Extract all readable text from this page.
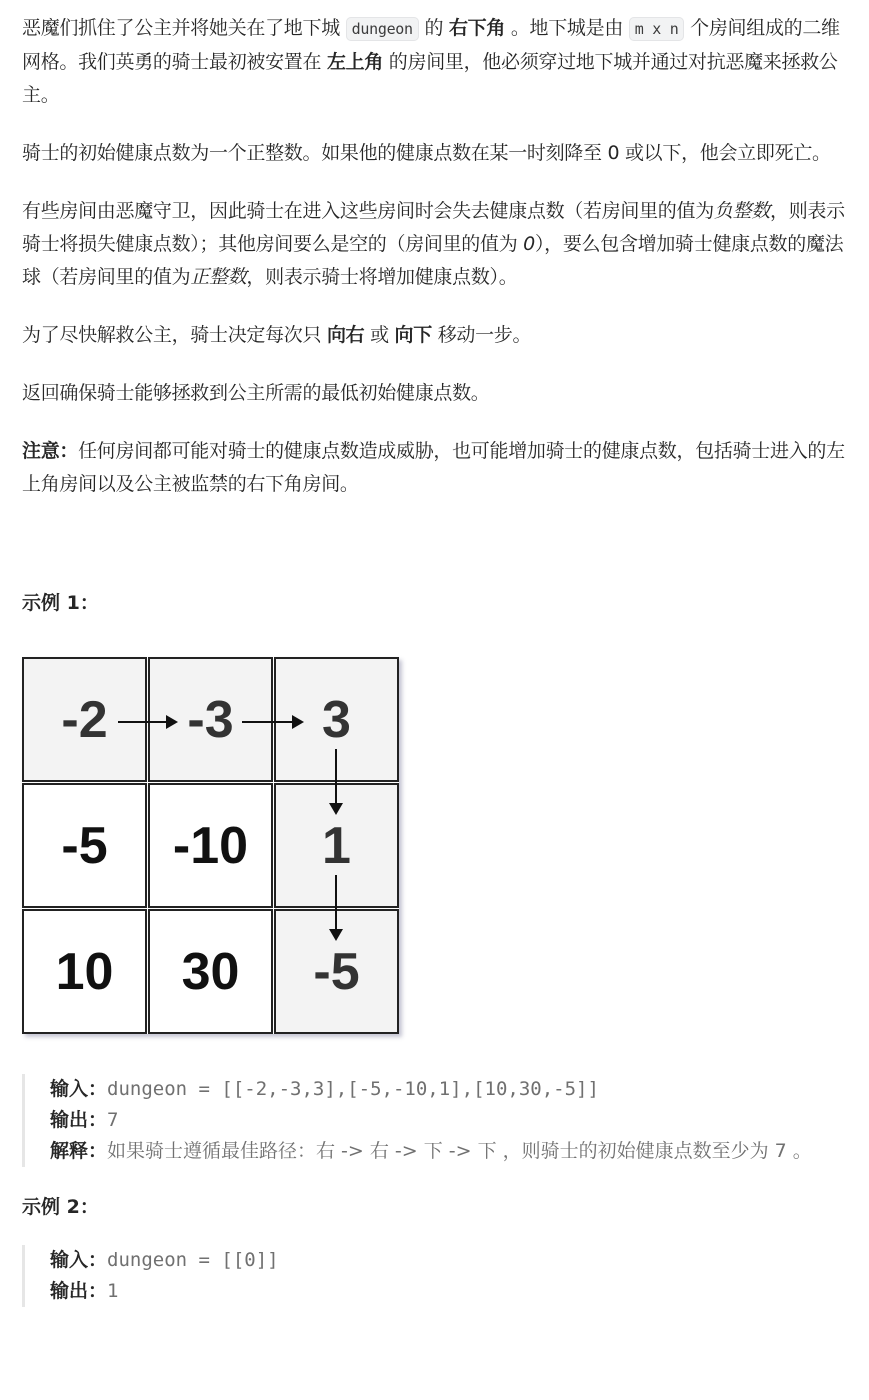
恶魔们抓住了公主并将她关在了地下城 dungeon 的 右下角 。地下城是由 m x n 个房间组成的二维网格。我们英勇的骑士最初被安置在 左上角 的房间里，他必须穿过地下城并通过对抗恶魔来拯救公主。

骑士的初始健康点数为一个正整数。如果他的健康点数在某一时刻降至 0 或以下，他会立即死亡。

有些房间由恶魔守卫，因此骑士在进入这些房间时会失去健康点数（若房间里的值为负整数，则表示骑士将损失健康点数）；其他房间要么是空的（房间里的值为 0），要么包含增加骑士健康点数的魔法球（若房间里的值为正整数，则表示骑士将增加健康点数）。

为了尽快解救公主，骑士决定每次只 向右 或 向下 移动一步。

返回确保骑士能够拯救到公主所需的最低初始健康点数。

注意：任何房间都可能对骑士的健康点数造成威胁，也可能增加骑士的健康点数，包括骑士进入的左上角房间以及公主被监禁的右下角房间。

示例 1：
-2	-3	3
-5	-10	1
10	30	-5
输入：dungeon = [[-2,-3,3],[-5,-10,1],[10,30,-5]]
输出：7
解释：如果骑士遵循最佳路径：右 -> 右 -> 下 -> 下 ，则骑士的初始健康点数至少为 7 。
示例 2：
输入：dungeon = [[0]]
输出：1
